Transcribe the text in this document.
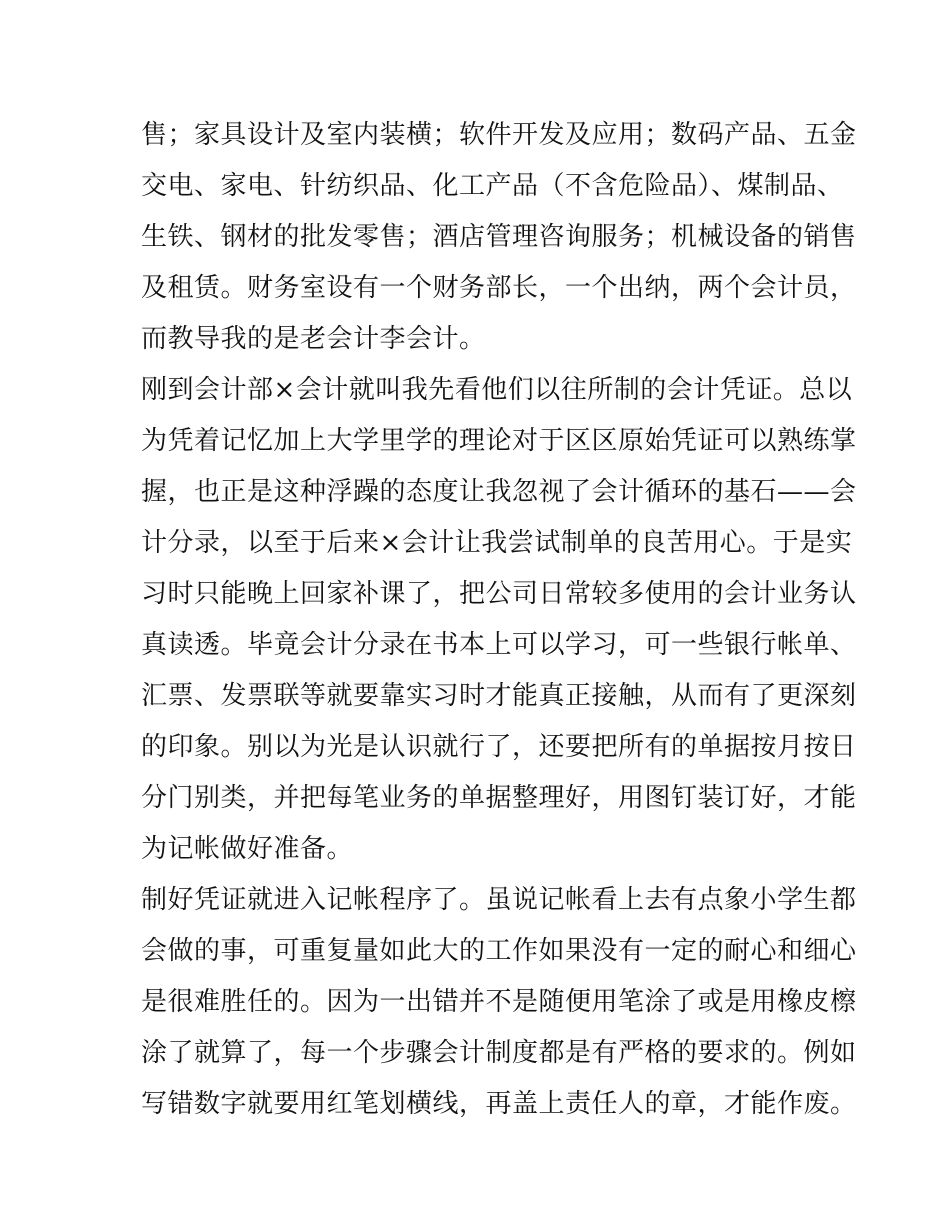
售；家具设计及室内装横；软件开发及应用；数码产品、五金
交电、家电、针纺织品、化工产品（不含危险品）、煤制品、
生铁、钢材的批发零售；酒店管理咨询服务；机械设备的销售
及租赁。财务室设有一个财务部长，一个出纳，两个会计员，
而教导我的是老会计李会计。
刚到会计部×会计就叫我先看他们以往所制的会计凭证。总以
为凭着记忆加上大学里学的理论对于区区原始凭证可以熟练掌
握，也正是这种浮躁的态度让我忽视了会计循环的基石——会
计分录，以至于后来×会计让我尝试制单的良苦用心。于是实
习时只能晚上回家补课了，把公司日常较多使用的会计业务认
真读透。毕竟会计分录在书本上可以学习，可一些银行帐单、
汇票、发票联等就要靠实习时才能真正接触，从而有了更深刻
的印象。别以为光是认识就行了，还要把所有的单据按月按日
分门别类，并把每笔业务的单据整理好，用图钉装订好，才能
为记帐做好准备。
制好凭证就进入记帐程序了。虽说记帐看上去有点象小学生都
会做的事，可重复量如此大的工作如果没有一定的耐心和细心
是很难胜任的。因为一出错并不是随便用笔涂了或是用橡皮檫
涂了就算了，每一个步骤会计制度都是有严格的要求的。例如
写错数字就要用红笔划横线，再盖上责任人的章，才能作废。
